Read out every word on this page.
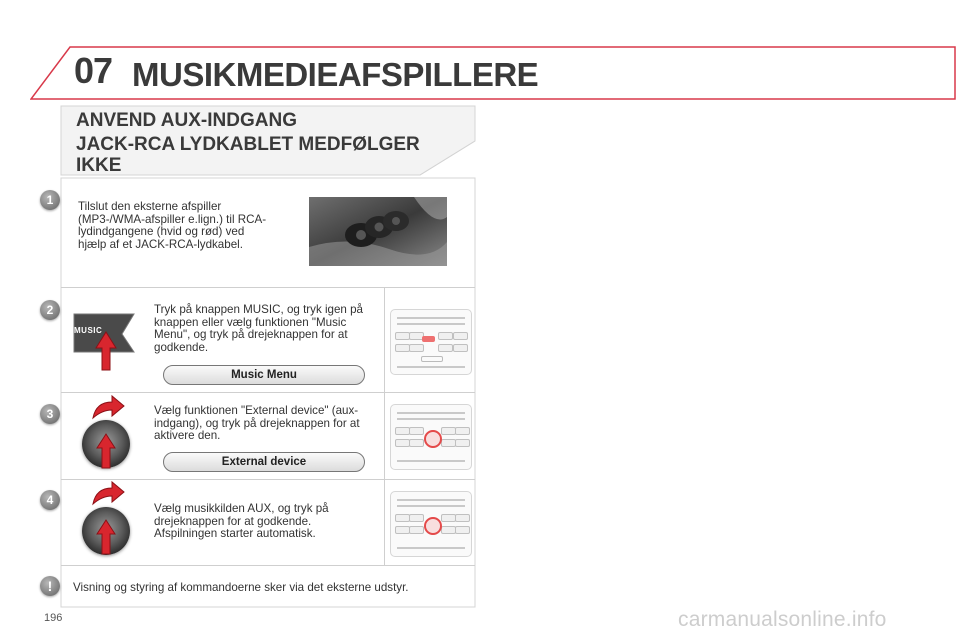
07 MUSIKMEDIEAFSPILLERE
ANVEND AUX-INDGANG
JACK-RCA LYDKABLET MEDFØLGER IKKE
1	Tilslut den eksterne afspiller (MP3-/WMA-afspiller e.lign.) til RCA-lydindgangene (hvid og rød) ved hjælp af et JACK-RCA-lydkabel.
2
MUSIC
Tryk på knappen MUSIC, og tryk igen på knappen eller vælg funktionen "Music Menu", og tryk på drejeknappen for at godkende.
Music Menu
3	Vælg funktionen "External device" (aux-indgang), og tryk på drejeknappen for at aktivere den.
External device
4
Vælg musikkilden AUX, og tryk på drejeknappen for at godkende. Afspilningen starter automatisk.
!	Visning og styring af kommandoerne sker via det eksterne udstyr.
196	carmanualsonline.info
